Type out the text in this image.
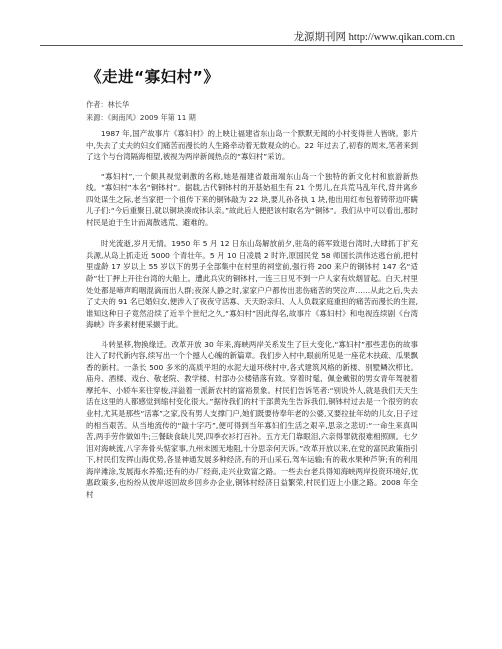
龙源期刊网 http://www.qikan.com.cn
《走进“寡妇村”》
作者：林长华
来源：《闽南风》2009 年第 11 期

1987 年,国产故事片《寡妇村》的上映让福建省东山岛一个默默无闻的小村变得世人皆晓。影片中,失去了丈夫的妇女们痛苦而漫长的人生路牵动着无数观众的心。22 年过去了,初春的周末,笔者来到了这个与台湾隔海相望,被视为两岸新闻热点的“寡妇村”采访。

“寡妇村”,一个颇具视觉刺激的名称,她是福建省最南端东山岛一个独特的新文化村和旅游新热线。“寡妇村”本名“铜钵村”。据载,古代铜钵村的开基始祖生有 21 个男儿,在兵荒马乱年代,背井离乡四处谋生之际,老当家把一个祖传下来的铜钵敲为 22 块,要儿孙各执 1 块,他出用红布包着铸带边吓瞒儿子们:“今后重聚日,就以铜块凑成钵认亲。”故此后人便把该村取名为“铜钵”。我们从中可以看出,那时村民是迫于生计而离散逃荒、避难的。

时光流逝,岁月无情。1950 年 5 月 12 日东山岛解放前夕,驻岛的蒋军致退台湾时,大肆抓丁扩充兵源,从岛上抓走近 5000 个青壮年。5 月 10 日凌晨 2 时许,原国民党 58 师国长洪伟达逃台前,把村里虚龄 17 岁以上 55 岁以下的男子全部集中在村里的祠堂前,强行将 200 来户的铜钵村 147 名“适龄”壮丁押上开往台湾的大船上。遭此兵灾的铜钵村,一连三日见不到一户人家有炊烟冒起。白天,村里处处都是啼声呜咽混滴而出人群;夜深人静之时,家家户户都传出悲伤痛苦的哭泣声……从此之后,失去了丈夫的 91 名已婚妇女,便涉入了夜夜守活寡、天天盼亲归、人人负载家庭重担的痛苦而漫长的生涯,谁知这种日子竟然沿续了近半个世纪之久,“寡妇村”因此得名,故事片《寡妇村》和电视连续剧《台湾海峡》许多素材便采撷于此。

斗转星移,物换缘迁。改革开放 30 年来,海峡两岸关系发生了巨大变化,“寡妇村”那些悲伤的故事注入了时代新内容,续写出一个个撼人心魄的新篇章。我们步入村中,眼前所见是一座花木扶疏、瓜果飘香的新村。一条长 500 多米的高质平坦的水泥大道环绕村中,各式建筑风格的新楼、别墅鳞次栉比。庙舟、酒楼、戏台、敬老院、教学楼、村部办公楼错落有致。穿着时髦、佩金戴银的男女青年驾驶着摩托车、小轿车来往穿梭,洋溢着一派新农村的富裕景象。村民们告诉笔者:“别说外人,就是我们天天生活在这里的人都感觉到缩村变化很大。”据待我们的村干部黄先生告诉我们,铜钵村过去是一个很穷的农业村,尤其是那些“活寡”之家,没有男人支撑门户,她们既要侍奉年老的公婆,又要拉扯年幼的儿女,日子过的相当艰苦。从当地流传的“敲十字巧”,便可得到当年寡妇们生活之艰辛,思亲之悲切:“一命生来真叫苦,两手劳作做如牛;三餐缺食缺儿哭,四季衣衫打百补。五方无门靠眼泪,六亲得罪就很难相照顾。七夕泪对海峡流,八字奔骨头惦家事,九州未圆无地阻,十分思亲何天诉。”改革开放以来,在党的富民政策指引下,村民们发挥山海优势,各显神通发展多种经济,有的开山采石,驾车运输;有的栽水果种芦笋;有的利用海岸滩涂,发展海水养殖;还有的办厂经商,走兴业致富之路。一些去台老兵得知海峡两岸投资环境好,优惠政策多,也纷纷从彼岸返回故乡回乡办企业,铜钵村经济日益繁荣,村民们迈上小康之路。2008 年全村
